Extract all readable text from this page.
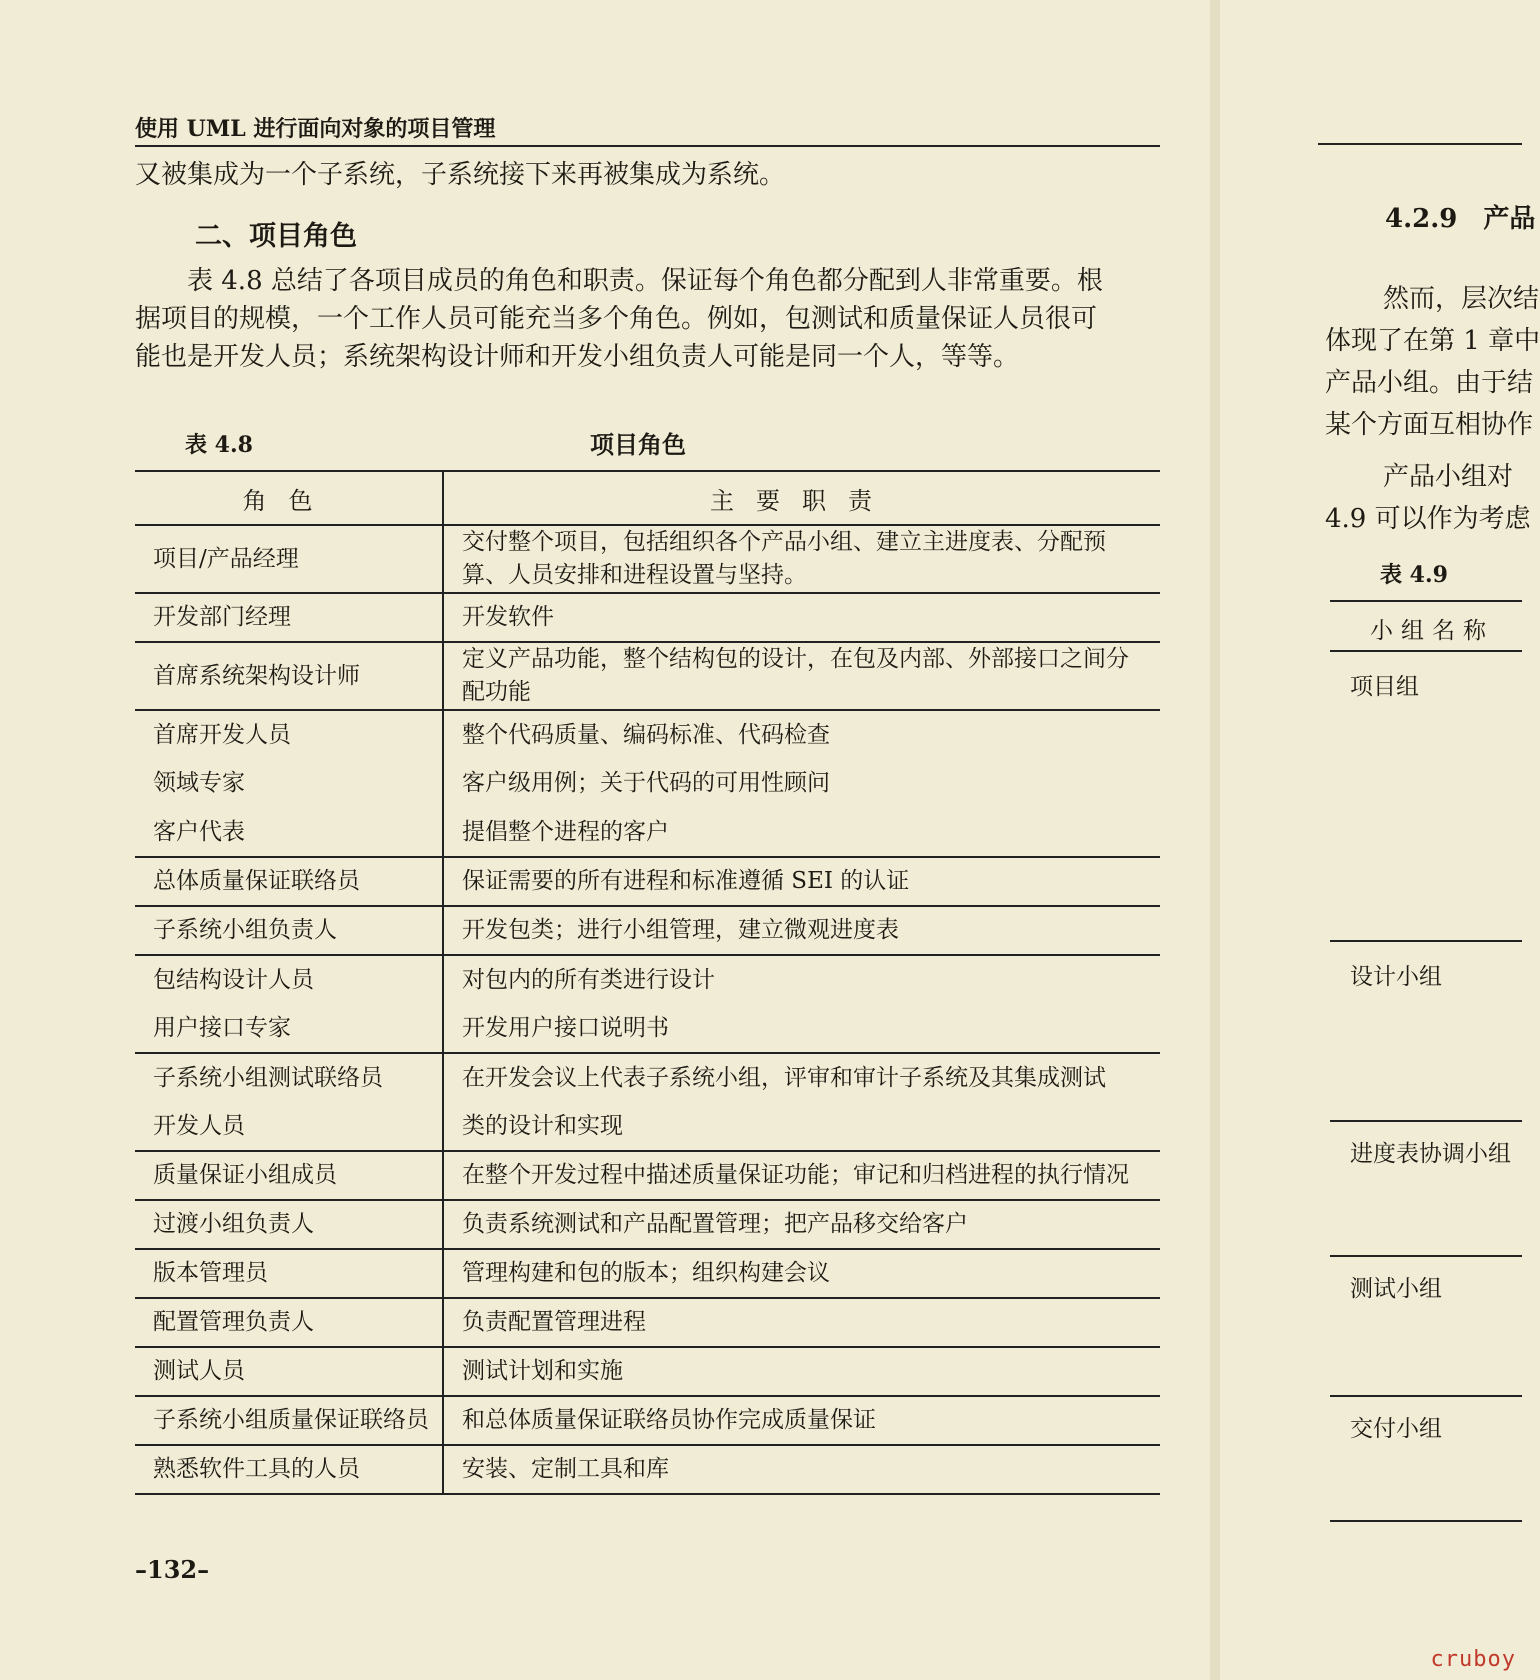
使用 UML 进行面向对象的项目管理
又被集成为一个子系统，子系统接下来再被集成为系统。
二、项目角色
表 4.8 总结了各项目成员的角色和职责。保证每个角色都分配到人非常重要。根
据项目的规模，一个工作人员可能充当多个角色。例如，包测试和质量保证人员很可
能也是开发人员；系统架构设计师和开发小组负责人可能是同一个人，等等。
表 4.8	项目角色
角色	主要职责
项目/产品经理	交付整个项目，包括组织各个产品小组、建立主进度表、分配预算、人员安排和进程设置与坚持。
开发部门经理	开发软件
首席系统架构设计师	定义产品功能，整个结构包的设计，在包及内部、外部接口之间分配功能
首席开发人员	整个代码质量、编码标准、代码检查
领域专家	客户级用例；关于代码的可用性顾问
客户代表	提倡整个进程的客户
总体质量保证联络员	保证需要的所有进程和标准遵循 SEI 的认证
子系统小组负责人	开发包类；进行小组管理，建立微观进度表
包结构设计人员	对包内的所有类进行设计
用户接口专家	开发用户接口说明书
子系统小组测试联络员	在开发会议上代表子系统小组，评审和审计子系统及其集成测试
开发人员	类的设计和实现
质量保证小组成员	在整个开发过程中描述质量保证功能；审记和归档进程的执行情况
过渡小组负责人	负责系统测试和产品配置管理；把产品移交给客户
版本管理员	管理构建和包的版本；组织构建会议
配置管理负责人	负责配置管理进程
测试人员	测试计划和实施
子系统小组质量保证联络员	和总体质量保证联络员协作完成质量保证
熟悉软件工具的人员	安装、定制工具和库
–132–
4.2.9　产品
然而，层次结
体现了在第 1 章中
产品小组。由于结
某个方面互相协作
产品小组对
4.9 可以作为考虑
表 4.9
小组名称
项目组
设计小组
进度表协调小组
测试小组
交付小组
cruboy
